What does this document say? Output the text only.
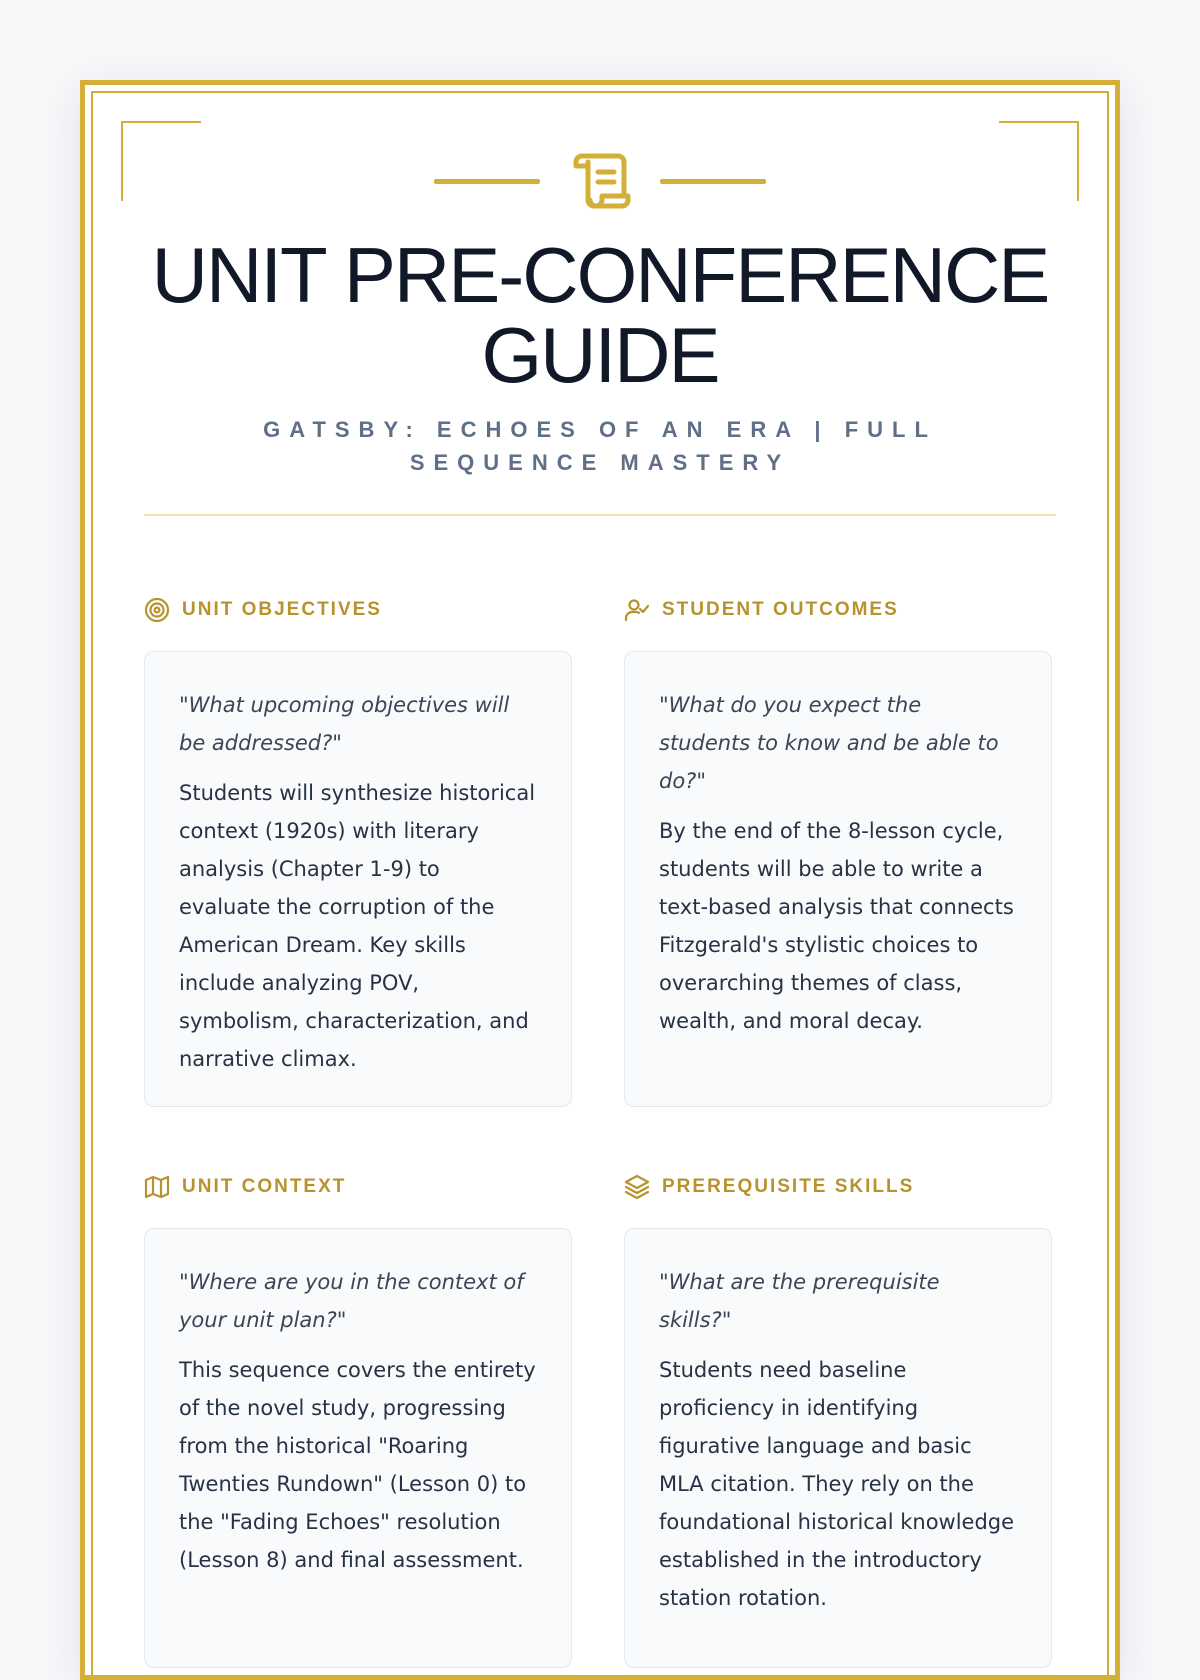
UNIT PRE-CONFERENCE GUIDE

GATSBY: ECHOES OF AN ERA | FULL SEQUENCE MASTERY

UNIT OBJECTIVES

"What upcoming objectives will be addressed?"

Students will synthesize historical context (1920s) with literary analysis (Chapter 1-9) to evaluate the corruption of the American Dream. Key skills include analyzing POV, symbolism, characterization, and narrative climax.

STUDENT OUTCOMES

"What do you expect the students to know and be able to do?"

By the end of the 8-lesson cycle, students will be able to write a text-based analysis that connects Fitzgerald's stylistic choices to overarching themes of class, wealth, and moral decay.

UNIT CONTEXT

"Where are you in the context of your unit plan?"

This sequence covers the entirety of the novel study, progressing from the historical "Roaring Twenties Rundown" (Lesson 0) to the "Fading Echoes" resolution (Lesson 8) and final assessment.

PREREQUISITE SKILLS

"What are the prerequisite skills?"

Students need baseline proficiency in identifying figurative language and basic MLA citation. They rely on the foundational historical knowledge established in the introductory station rotation.
